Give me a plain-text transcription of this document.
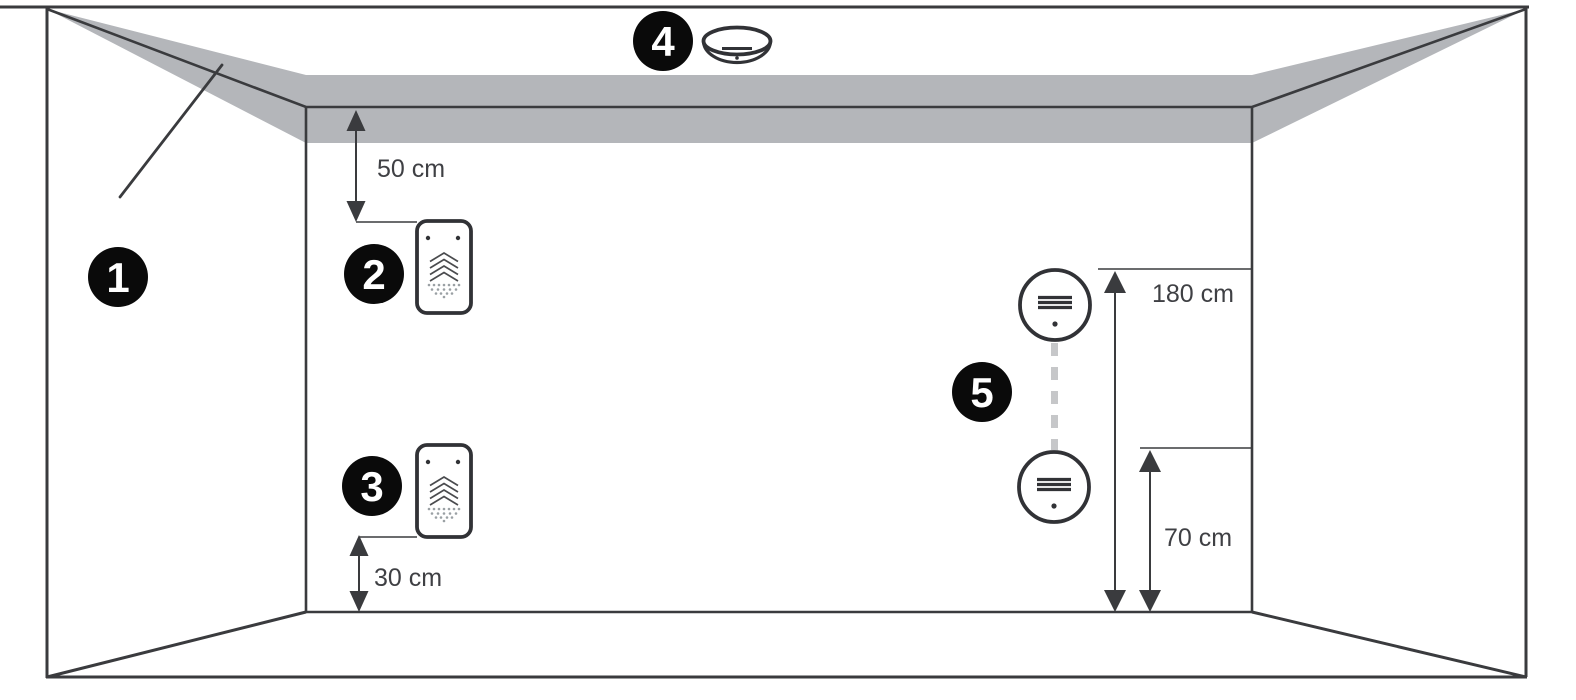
1	2
50 cm
3
30 cm
4
5
180 cm
70 cm
